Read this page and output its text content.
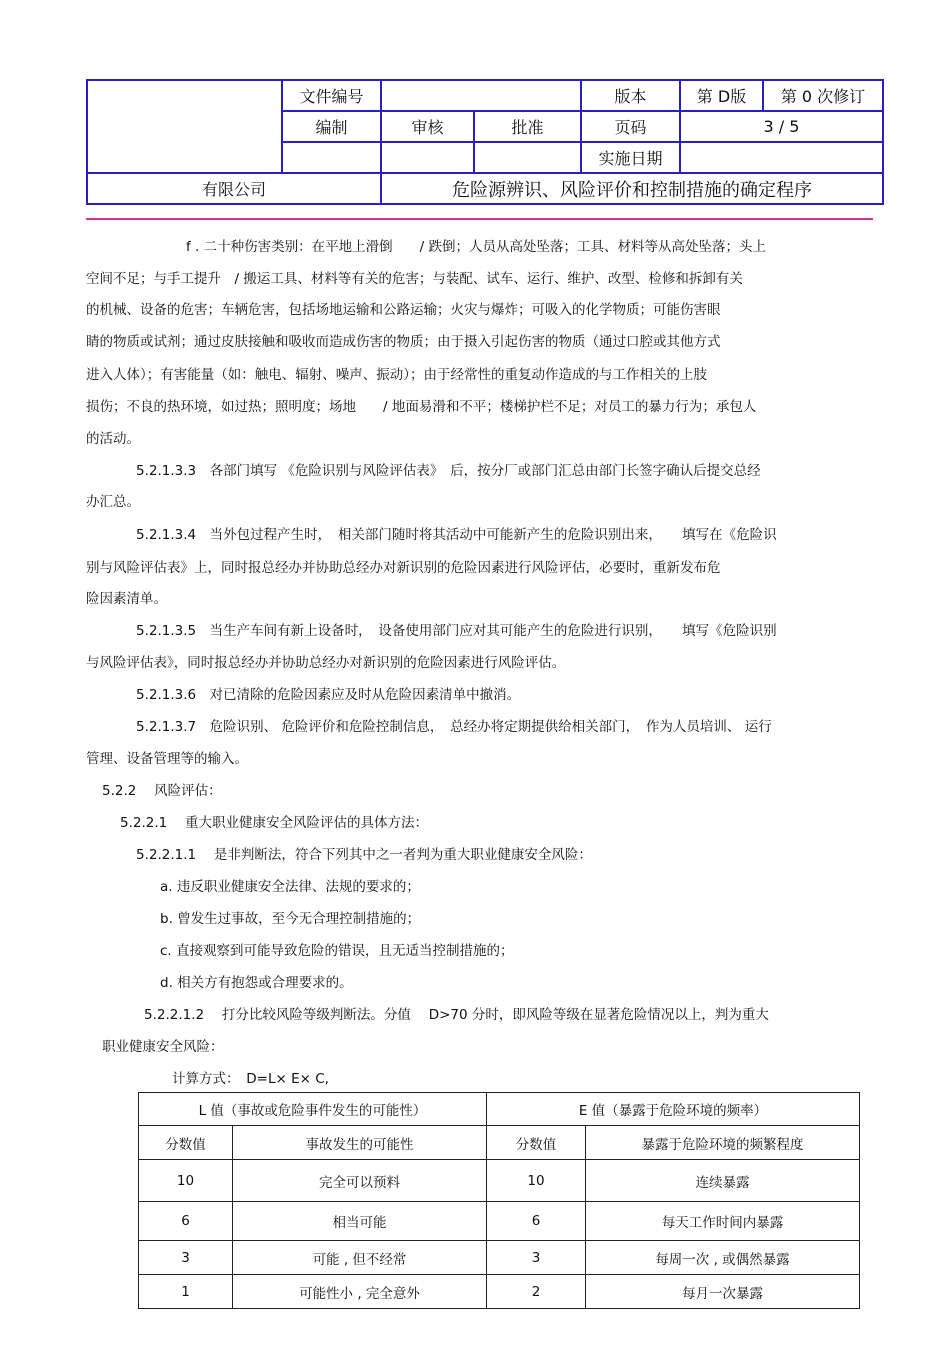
	文件编号			版本	第 D版	第 0 次修订
	编制	审核	批准	页码	3 / 5	
				实施日期		
有限公司		危险源辨识、风险评价和控制措施的确定程序				

f . 二十种伤害类别：在平地上滑倒　　/ 跌倒；人员从高处坠落；工具、材料等从高处坠落；头上

空间不足；与手工提升　/ 搬运工具、材料等有关的危害；与装配、试车、运行、维护、改型、检修和拆卸有关

的机械、设备的危害；车辆危害，包括场地运输和公路运输；火灾与爆炸；可吸入的化学物质；可能伤害眼

睛的物质或试剂；通过皮肤接触和吸收而造成伤害的物质；由于摄入引起伤害的物质（通过口腔或其他方式

进入人体）；有害能量（如：触电、辐射、噪声、振动）；由于经常性的重复动作造成的与工作相关的上肢

损伤；不良的热环境，如过热；照明度；场地　　/ 地面易滑和不平；楼梯护栏不足；对员工的暴力行为；承包人

的活动。

5.2.1.3.3　各部门填写 《危险识别与风险评估表》　后，按分厂或部门汇总由部门长签字确认后提交总经

办汇总。

5.2.1.3.4　当外包过程产生时，　相关部门随时将其活动中可能新产生的危险识别出来，　　填写在《危险识

别与风险评估表》上，同时报总经办并协助总经办对新识别的危险因素进行风险评估，必要时，重新发布危

险因素清单。

5.2.1.3.5　当生产车间有新上设备时，　设备使用部门应对其可能产生的危险进行识别，　　填写《危险识别

与风险评估表》，同时报总经办并协助总经办对新识别的危险因素进行风险评估。

5.2.1.3.6　对已清除的危险因素应及时从危险因素清单中撤消。

5.2.1.3.7　危险识别、 危险评价和危险控制信息，　总经办将定期提供给相关部门，　作为人员培训、 运行

管理、设备管理等的输入。

5.2.2　 风险评估：

5.2.2.1　 重大职业健康安全风险评估的具体方法：

5.2.2.1.1　 是非判断法，符合下列其中之一者判为重大职业健康安全风险：

a. 违反职业健康安全法律、法规的要求的；

b. 曾发生过事故，至今无合理控制措施的；

c. 直接观察到可能导致危险的错误，且无适当控制措施的；

d. 相关方有抱怨或合理要求的。

5.2.2.1.2　 打分比较风险等级判断法。分值　 D>70 分时，即风险等级在显著危险情况以上，判为重大

职业健康安全风险：

计算方式：　D=L× E× C,

L 值（事故或危险事件发生的可能性）		E 值（暴露于危险环境的频率）	
分数值	事故发生的可能性	分数值	暴露于危险环境的频繁程度
10	完全可以预料	10	连续暴露
6	相当可能	6	每天工作时间内暴露
3	可能 , 但不经常	3	每周一次 , 或偶然暴露
1	可能性小 , 完全意外	2	每月一次暴露
